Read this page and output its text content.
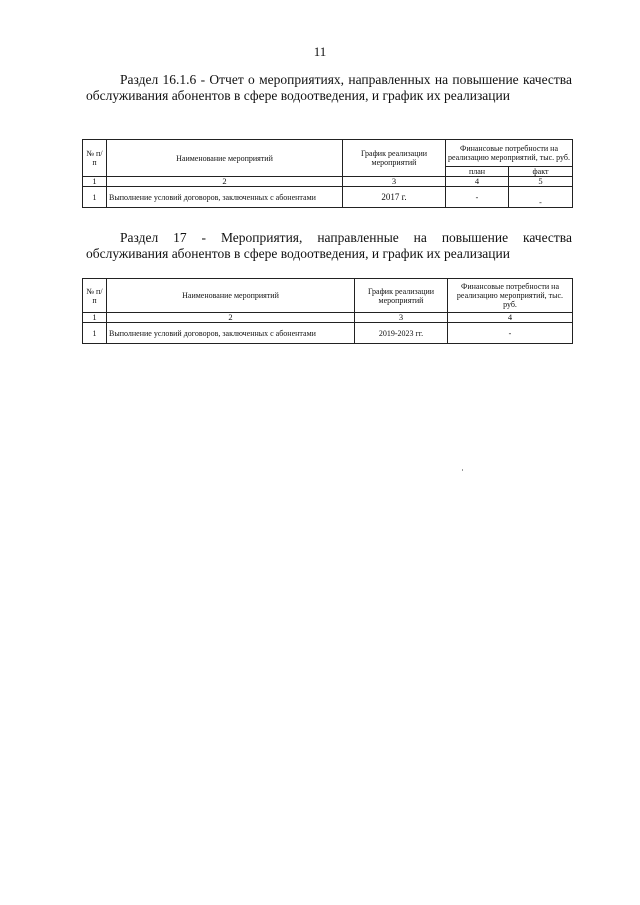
11
Раздел 16.1.6 - Отчет о мероприятиях, направленных на повышение качества обслуживания абонентов в сфере водоотведения, и график их реализации
№ п/п	Наименование мероприятий	График реализации мероприятий	Финансовые потребности на реализацию мероприятий, тыс. руб.	
			план	факт
1	2	3	4	5
1	Выполнение условий договоров, заключенных с абонентами	2017 г.	-	-
Раздел 17 - Мероприятия, направленные на повышение качества обслуживания абонентов в сфере водоотведения, и график их реализации
№ п/п	Наименование мероприятий	График реализации мероприятий	Финансовые потребности на реализацию мероприятий, тыс. руб.
1	2	3	4
1	Выполнение условий договоров, заключенных с абонентами	2019-2023 гг.	-
